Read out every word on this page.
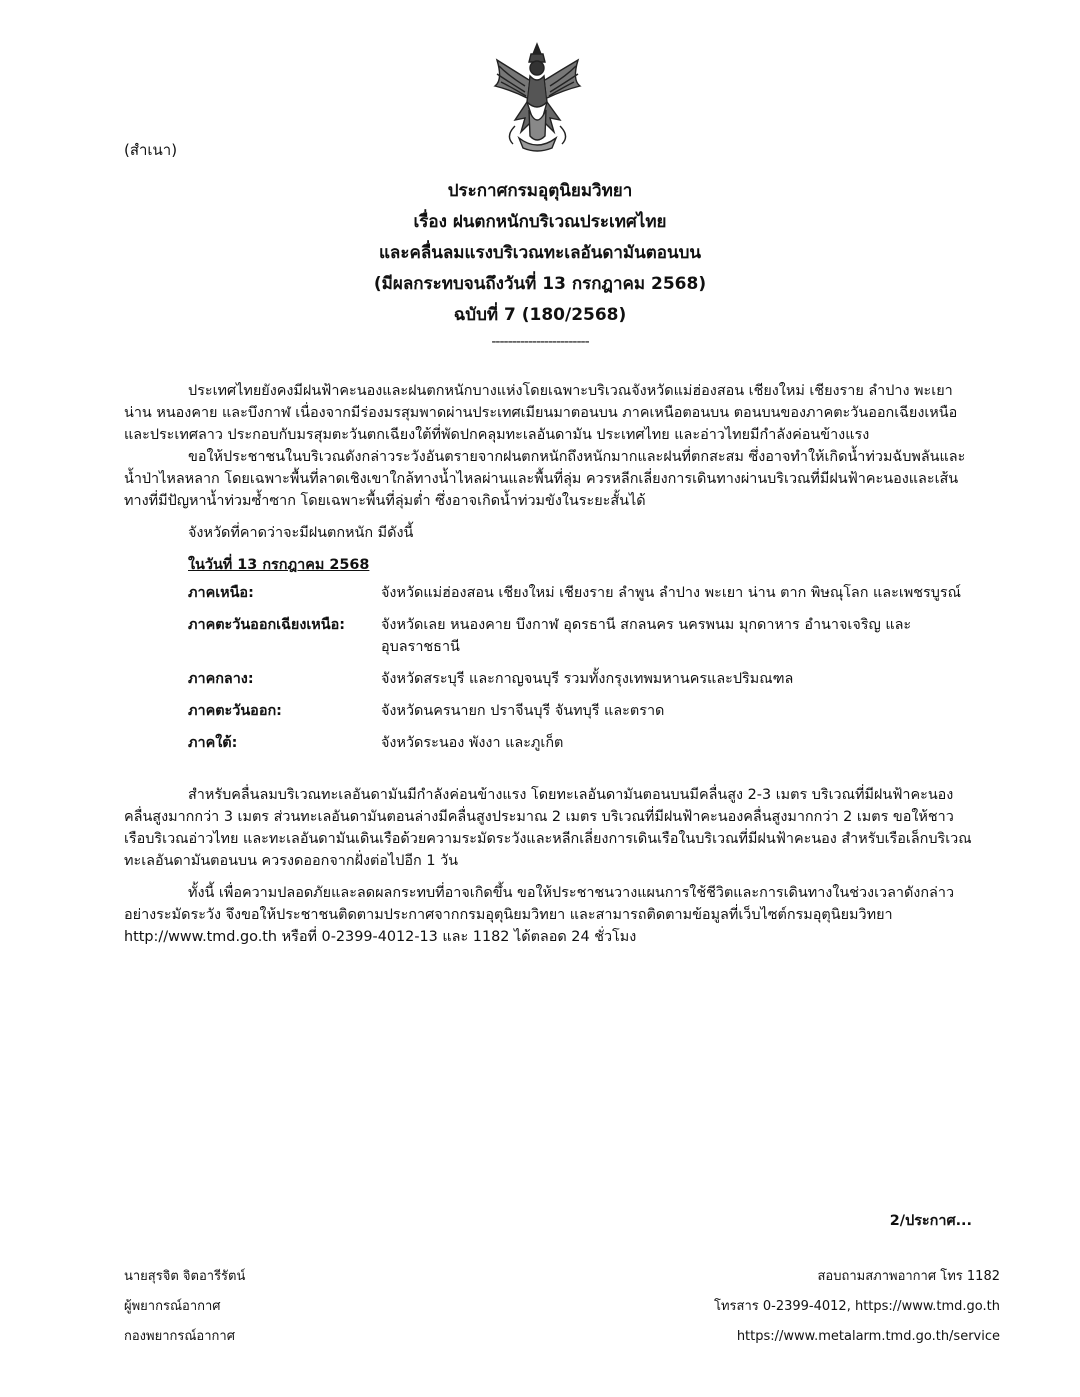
(สำเนา)
ประกาศกรมอุตุนิยมวิทยา
เรื่อง ฝนตกหนักบริเวณประเทศไทย
และคลื่นลมแรงบริเวณทะเลอันดามันตอนบน
(มีผลกระทบจนถึงวันที่ 13 กรกฎาคม 2568)
ฉบับที่ 7 (180/2568)
------------------------

ประเทศไทยยังคงมีฝนฟ้าคะนองและฝนตกหนักบางแห่งโดยเฉพาะบริเวณจังหวัดแม่ฮ่องสอน เชียงใหม่ เชียงราย ลำปาง พะเยา น่าน หนองคาย และบึงกาฬ เนื่องจากมีร่องมรสุมพาดผ่านประเทศเมียนมาตอนบน ภาคเหนือตอนบน ตอนบนของภาคตะวันออกเฉียงเหนือ และประเทศลาว ประกอบกับมรสุมตะวันตกเฉียงใต้ที่พัดปกคลุมทะเลอันดามัน ประเทศไทย และอ่าวไทยมีกำลังค่อนข้างแรง

ขอให้ประชาชนในบริเวณดังกล่าวระวังอันตรายจากฝนตกหนักถึงหนักมากและฝนที่ตกสะสม ซึ่งอาจทำให้เกิดน้ำท่วมฉับพลันและน้ำป่าไหลหลาก โดยเฉพาะพื้นที่ลาดเชิงเขาใกล้ทางน้ำไหลผ่านและพื้นที่ลุ่ม ควรหลีกเลี่ยงการเดินทางผ่านบริเวณที่มีฝนฟ้าคะนองและเส้นทางที่มีปัญหาน้ำท่วมซ้ำซาก โดยเฉพาะพื้นที่ลุ่มต่ำ ซึ่งอาจเกิดน้ำท่วมขังในระยะสั้นได้

จังหวัดที่คาดว่าจะมีฝนตกหนัก มีดังนี้

ในวันที่ 13 กรกฎาคม 2568

ภาคเหนือ:	จังหวัดแม่ฮ่องสอน เชียงใหม่ เชียงราย ลำพูน ลำปาง พะเยา น่าน ตาก พิษณุโลก และเพชรบูรณ์
ภาคตะวันออกเฉียงเหนือ:	จังหวัดเลย หนองคาย บึงกาฬ อุดรธานี สกลนคร นครพนม มุกดาหาร อำนาจเจริญ และอุบลราชธานี
ภาคกลาง:	จังหวัดสระบุรี และกาญจนบุรี รวมทั้งกรุงเทพมหานครและปริมณฑล
ภาคตะวันออก:	จังหวัดนครนายก ปราจีนบุรี จันทบุรี และตราด
ภาคใต้:	จังหวัดระนอง พังงา และภูเก็ต

สำหรับคลื่นลมบริเวณทะเลอันดามันมีกำลังค่อนข้างแรง โดยทะเลอันดามันตอนบนมีคลื่นสูง 2-3 เมตร บริเวณที่มีฝนฟ้าคะนองคลื่นสูงมากกว่า 3 เมตร ส่วนทะเลอันดามันตอนล่างมีคลื่นสูงประมาณ 2 เมตร บริเวณที่มีฝนฟ้าคะนองคลื่นสูงมากกว่า 2 เมตร ขอให้ชาวเรือบริเวณอ่าวไทย และทะเลอันดามันเดินเรือด้วยความระมัดระวังและหลีกเลี่ยงการเดินเรือในบริเวณที่มีฝนฟ้าคะนอง สำหรับเรือเล็กบริเวณทะเลอันดามันตอนบน ควรงดออกจากฝั่งต่อไปอีก 1 วัน

ทั้งนี้ เพื่อความปลอดภัยและลดผลกระทบที่อาจเกิดขึ้น ขอให้ประชาชนวางแผนการใช้ชีวิตและการเดินทางในช่วงเวลาดังกล่าวอย่างระมัดระวัง จึงขอให้ประชาชนติดตามประกาศจากกรมอุตุนิยมวิทยา และสามารถติดตามข้อมูลที่เว็บไซต์กรมอุตุนิยมวิทยา http://www.tmd.go.th หรือที่ 0-2399-4012-13 และ 1182 ได้ตลอด 24 ชั่วโมง

2/ประกาศ...
นายสุรจิต จิตอารีรัตน์
ผู้พยากรณ์อากาศ
กองพยากรณ์อากาศ
สอบถามสภาพอากาศ โทร 1182
โทรสาร 0-2399-4012, https://www.tmd.go.th
https://www.metalarm.tmd.go.th/service
